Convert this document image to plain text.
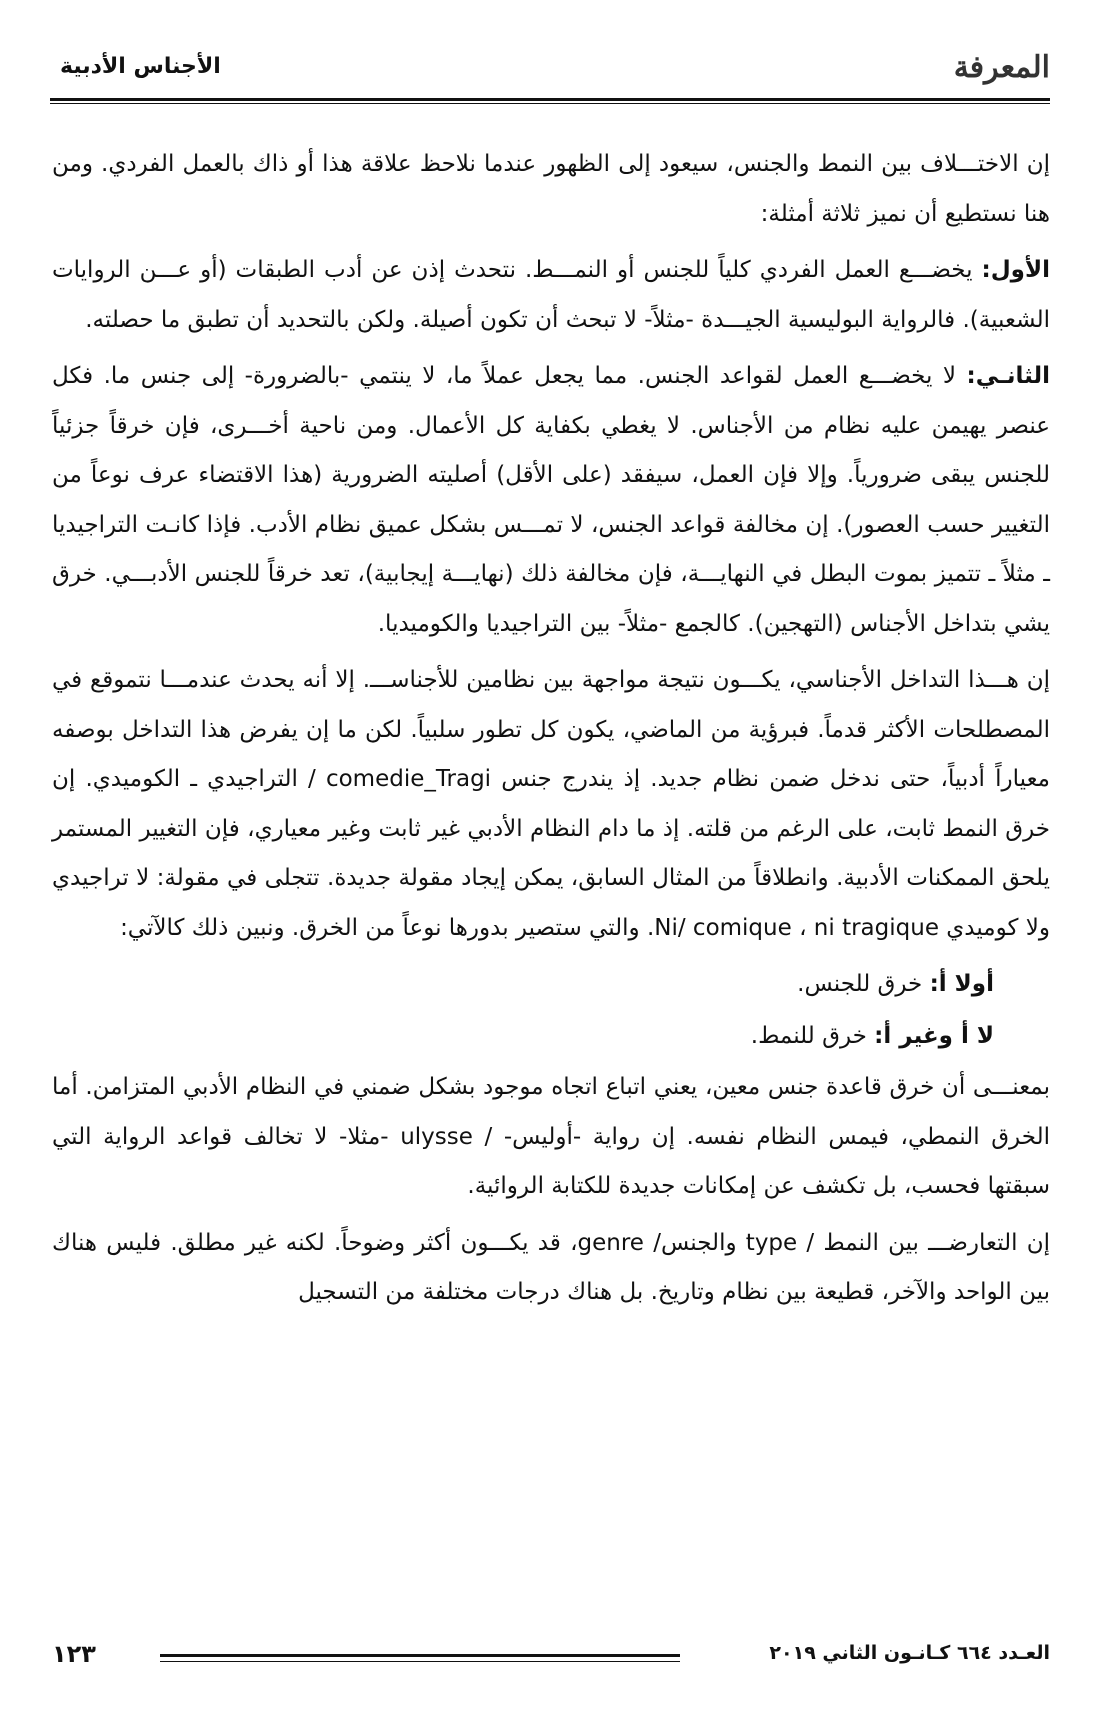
المعرفة
الأجناس الأدبية

إن الاختـــلاف بين النمط والجنس، سيعود إلى الظهور عندما نلاحظ علاقة هذا أو ذاك بالعمل الفردي. ومن هنا نستطيع أن نميز ثلاثة أمثلة:

الأول: يخضـــع العمل الفردي كلياً للجنس أو النمـــط. نتحدث إذن عن أدب الطبقات (أو عـــن الروايات الشعبية). فالرواية البوليسية الجيـــدة -مثلاً- لا تبحث أن تكون أصيلة. ولكن بالتحديد أن تطبق ما حصلته.

الثانـي: لا يخضـــع العمل لقواعد الجنس. مما يجعل عملاً ما، لا ينتمي -بالضرورة- إلى جنس ما. فكل عنصر يهيمن عليه نظام من الأجناس. لا يغطي بكفاية كل الأعمال. ومن ناحية أخـــرى، فإن خرقاً جزئياً للجنس يبقى ضرورياً. وإلا فإن العمل، سيفقد (على الأقل) أصليته الضرورية (هذا الاقتضاء عرف نوعاً من التغيير حسب العصور). إن مخالفة قواعد الجنس، لا تمـــس بشكل عميق نظام الأدب. فإذا كانـت التراجيديا ـ مثلاً ـ تتميز بموت البطل في النهايـــة، فإن مخالفة ذلك (نهايـــة إيجابية)، تعد خرقاً للجنس الأدبـــي. خرق يشي بتداخل الأجناس (التهجين). كالجمع -مثلاً- بين التراجيديا والكوميديا.

إن هـــذا التداخل الأجناسي، يكـــون نتيجة مواجهة بين نظامين للأجناســـ. إلا أنه يحدث عندمـــا نتموقع في المصطلحات الأكثر قدماً. فبرؤية من الماضي، يكون كل تطور سلبياً. لكن ما إن يفرض هذا التداخل بوصفه معياراً أدبياً، حتى ندخل ضمن نظام جديد. إذ يندرج جنس comedie_Tragi / التراجيدي ـ الكوميدي. إن خرق النمط ثابت، على الرغم من قلته. إذ ما دام النظام الأدبي غير ثابت وغير معياري، فإن التغيير المستمر يلحق الممكنات الأدبية. وانطلاقاً من المثال السابق، يمكن إيجاد مقولة جديدة. تتجلى في مقولة: لا تراجيدي ولا كوميدي Ni/ comique ، ni tragique. والتي ستصير بدورها نوعاً من الخرق. ونبين ذلك كالآتي:

أولا أ: خرق للجنس.

لا أ وغير أ: خرق للنمط.

بمعنـــى أن خرق قاعدة جنس معين، يعني اتباع اتجاه موجود بشكل ضمني في النظام الأدبي المتزامن. أما الخرق النمطي، فيمس النظام نفسه. إن رواية -أوليس- / ulysse -مثلا- لا تخالف قواعد الرواية التي سبقتها فحسب، بل تكشف عن إمكانات جديدة للكتابة الروائية.

إن التعارضـــ بين النمط / type والجنس/ genre، قد يكـــون أكثر وضوحاً. لكنه غير مطلق. فليس هناك بين الواحد والآخر، قطيعة بين نظام وتاريخ. بل هناك درجات مختلفة من التسجيل

١٢٣	العـدد ٦٦٤ كـانـون الثاني ٢٠١٩
